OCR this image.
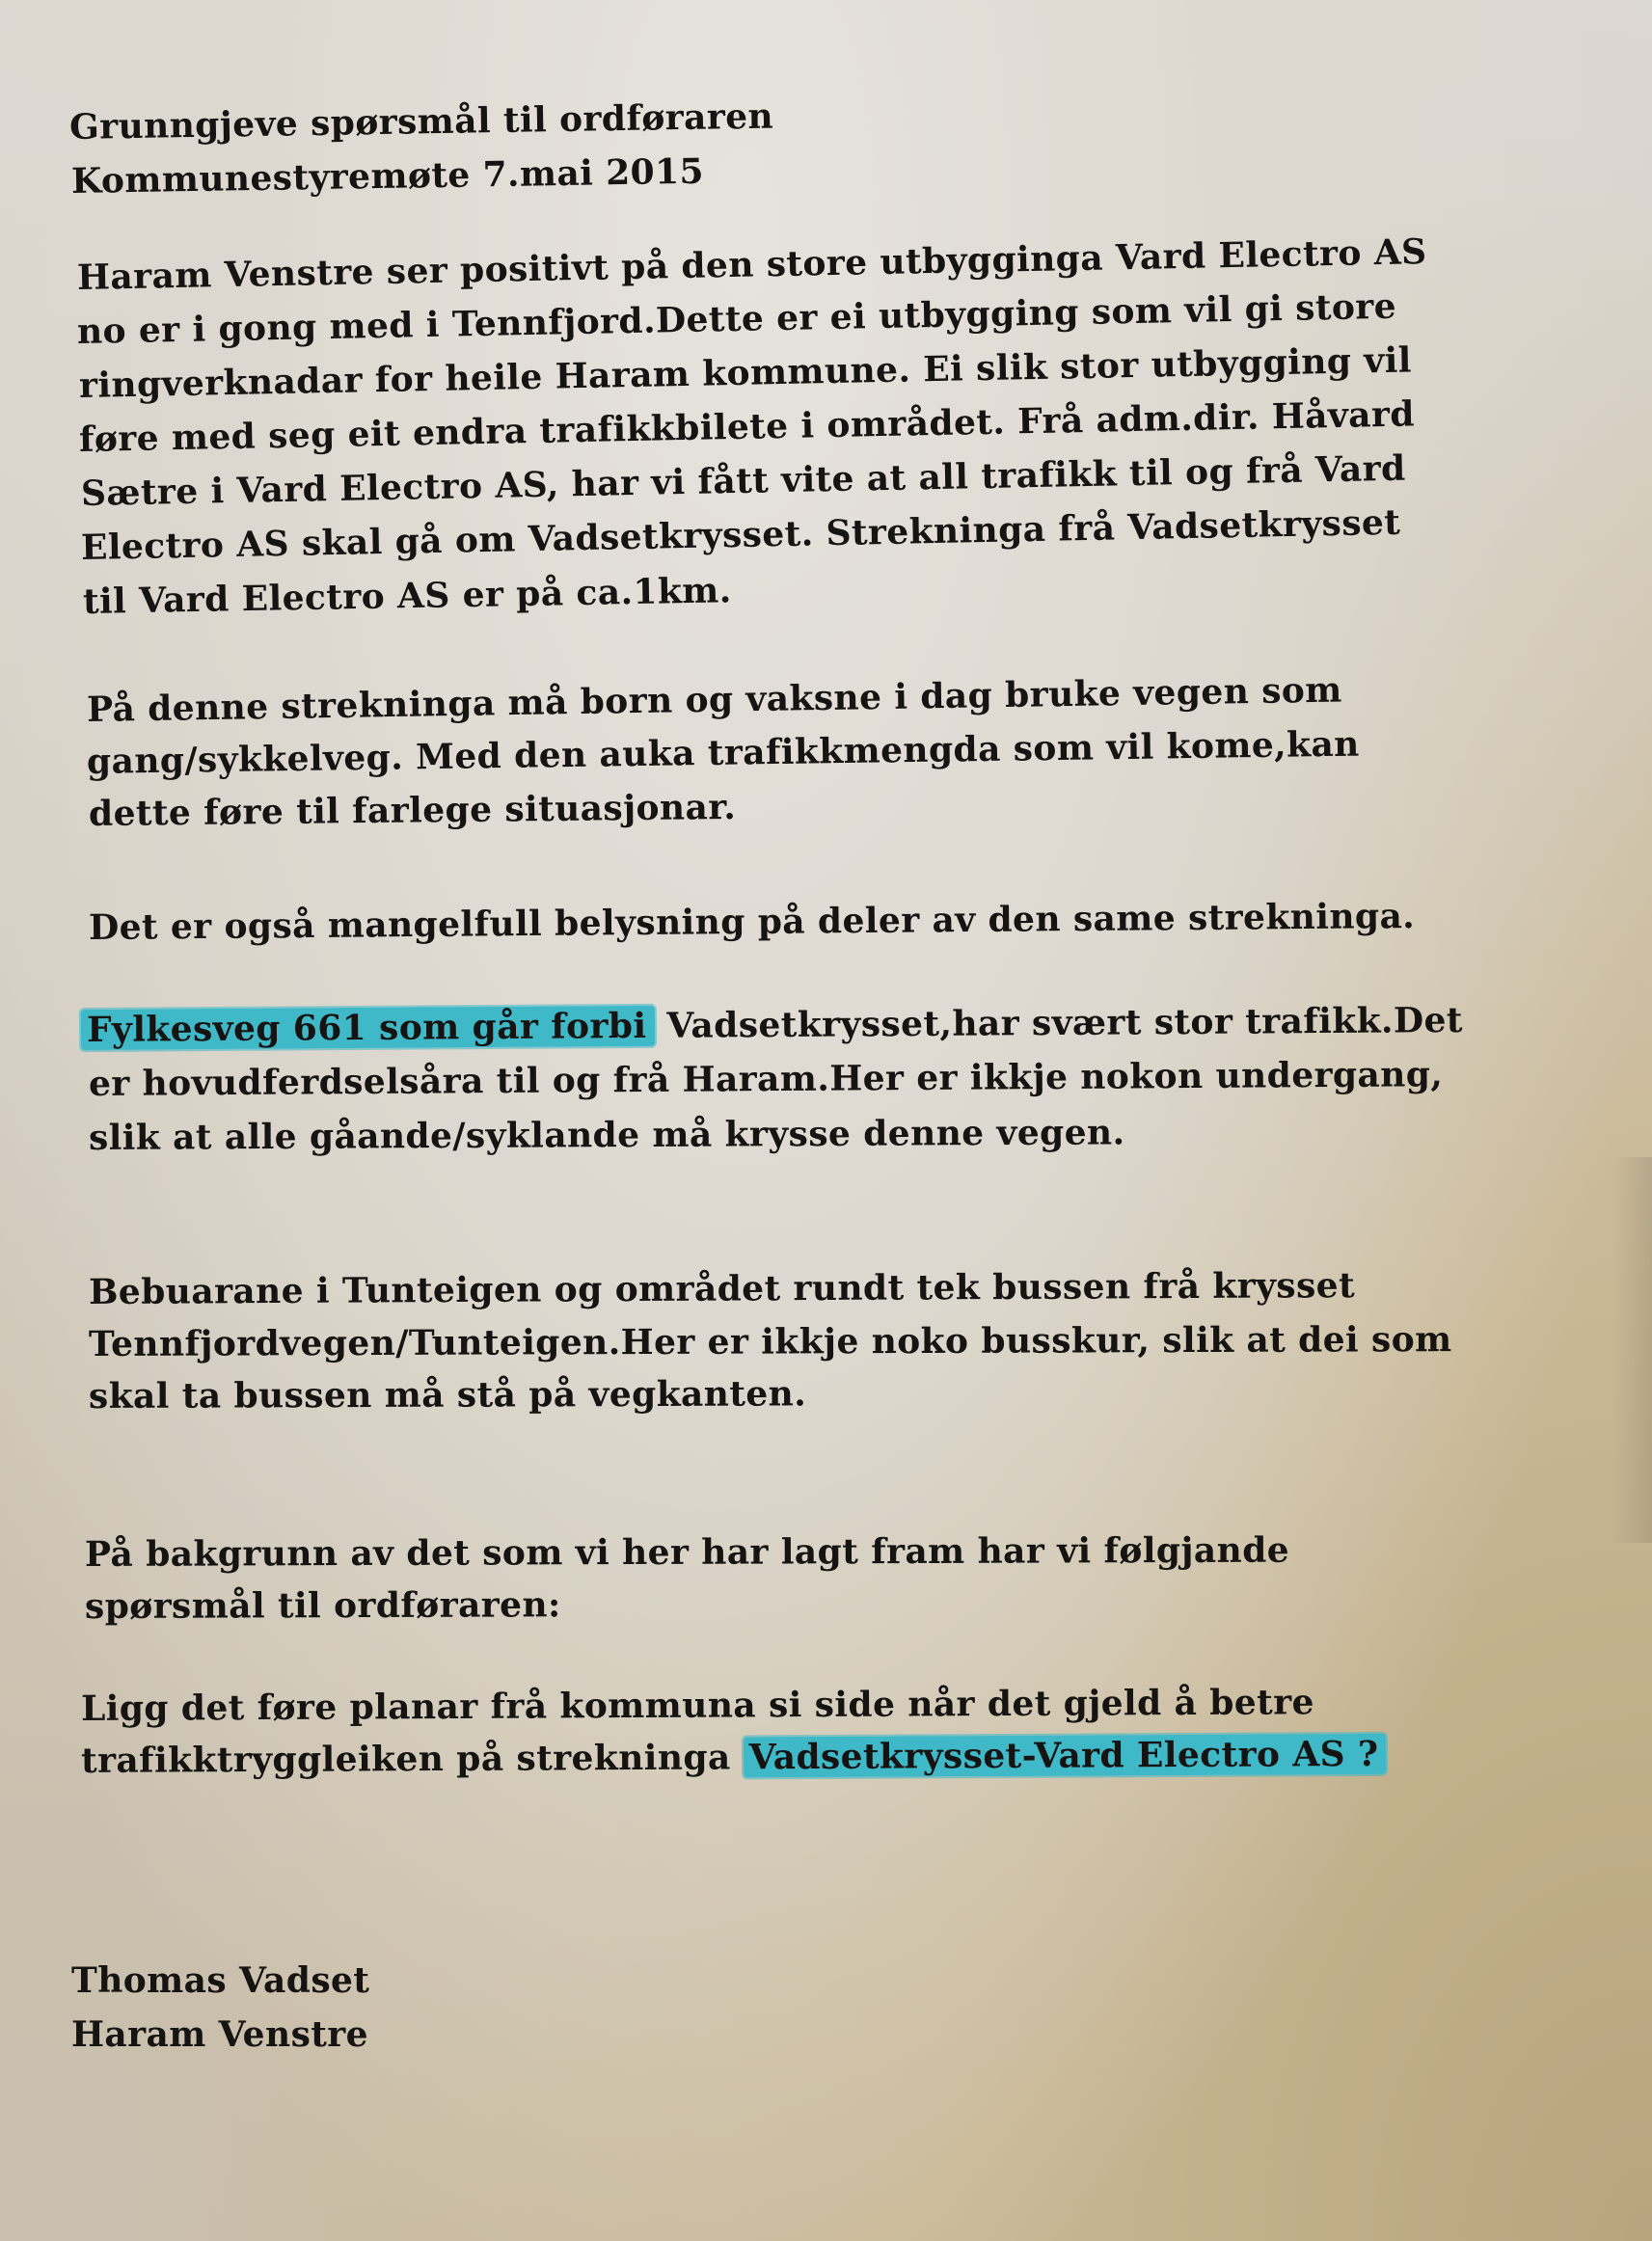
Grunngjeve spørsmål til ordføraren
Kommunestyremøte 7.mai 2015
Haram Venstre ser positivt på den store utbygginga Vard Electro AS
no er i gong med i Tennfjord.Dette er ei utbygging som vil gi store
ringverknadar for heile Haram kommune. Ei slik stor utbygging vil
føre med seg eit endra trafikkbilete i området. Frå adm.dir. Håvard
Sætre i Vard Electro AS, har vi fått vite at all trafikk til og frå Vard
Electro AS skal gå om Vadsetkrysset. Strekninga frå Vadsetkrysset
til Vard Electro AS er på ca.1km.
På denne strekninga må born og vaksne i dag bruke vegen som
gang/sykkelveg. Med den auka trafikkmengda som vil kome,kan
dette føre til farlege situasjonar.
Det er også mangelfull belysning på deler av den same strekninga.
Fylkesveg 661 som går forbi Vadsetkrysset,har svært stor trafikk.Det
er hovudferdselsåra til og frå Haram.Her er ikkje nokon undergang,
slik at alle gåande/syklande må krysse denne vegen.
Bebuarane i Tunteigen og området rundt tek bussen frå krysset
Tennfjordvegen/Tunteigen.Her er ikkje noko busskur, slik at dei som
skal ta bussen må stå på vegkanten.
På bakgrunn av det som vi her har lagt fram har vi følgjande
spørsmål til ordføraren:
Ligg det føre planar frå kommuna si side når det gjeld å betre
trafikktryggleiken på strekninga Vadsetkrysset-Vard Electro AS ?
Thomas Vadset
Haram Venstre
